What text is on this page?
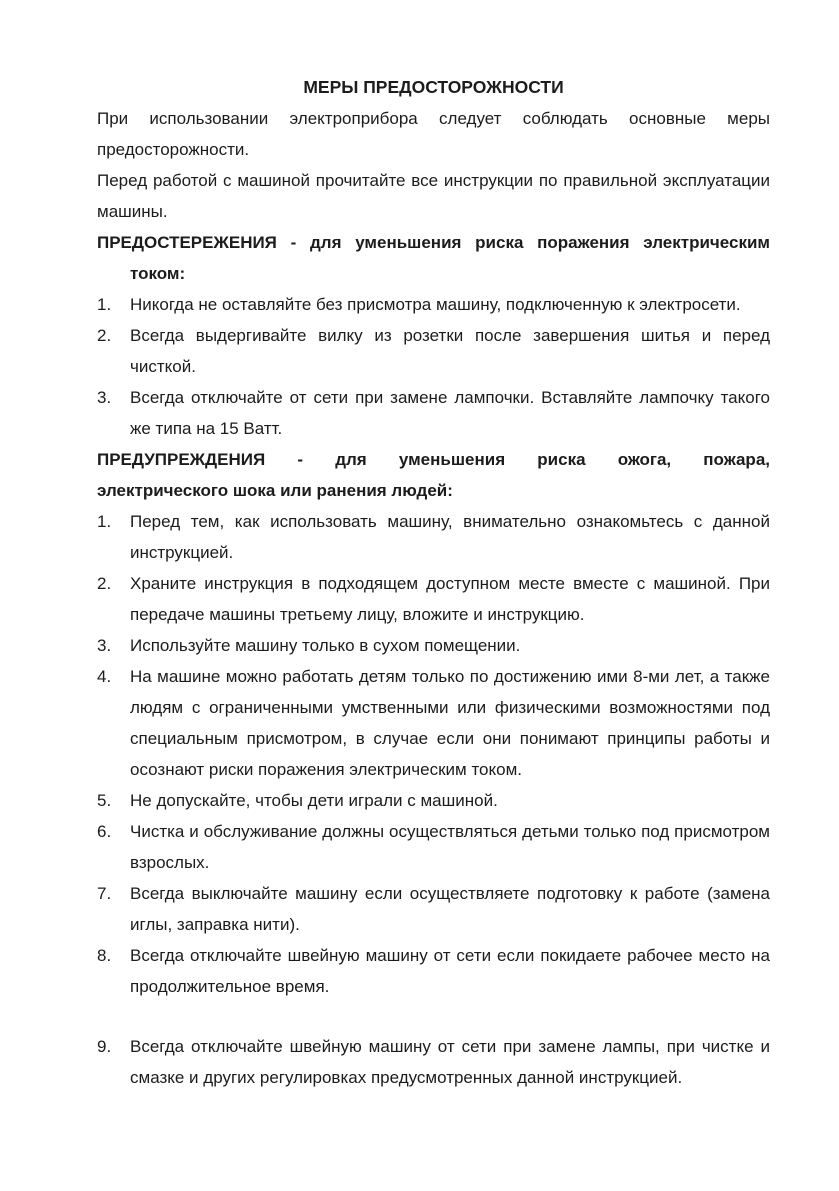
МЕРЫ ПРЕДОСТОРОЖНОСТИ

При использовании электроприбора следует соблюдать основные меры предосторожности.

Перед работой с машиной прочитайте все инструкции по правильной эксплуатации машины.

ПРЕДОСТЕРЕЖЕНИЯ - для уменьшения риска поражения электрическим
током:
1. Никогда не оставляйте без присмотра машину, подключенную к электросети.
2. Всегда выдергивайте вилку из розетки после завершения шитья и перед чисткой.
3. Всегда отключайте от сети при замене лампочки. Вставляйте лампочку такого же типа на 15 Ватт.
ПРЕДУПРЕЖДЕНИЯ - для уменьшения риска ожога, пожара,
электрического шока или ранения людей:
1. Перед тем, как использовать машину, внимательно ознакомьтесь с данной инструкцией.
2. Храните инструкция в подходящем доступном месте вместе с машиной. При передаче машины третьему лицу, вложите и инструкцию.
3. Используйте машину только в сухом помещении.
4. На машине можно работать детям только по достижению ими 8-ми лет, а также людям с ограниченными умственными или физическими возможностями под специальным присмотром, в случае если они понимают принципы работы и осознают риски поражения электрическим током.
5. Не допускайте, чтобы дети играли с машиной.
6. Чистка и обслуживание должны осуществляться детьми только под присмотром взрослых.
7. Всегда выключайте машину если осуществляете подготовку к работе (замена иглы, заправка нити).
8. Всегда отключайте швейную машину от сети если покидаете рабочее место на продолжительное время.
9. Всегда отключайте швейную машину от сети при замене лампы, при чистке и смазке и других регулировках предусмотренных данной инструкцией.
